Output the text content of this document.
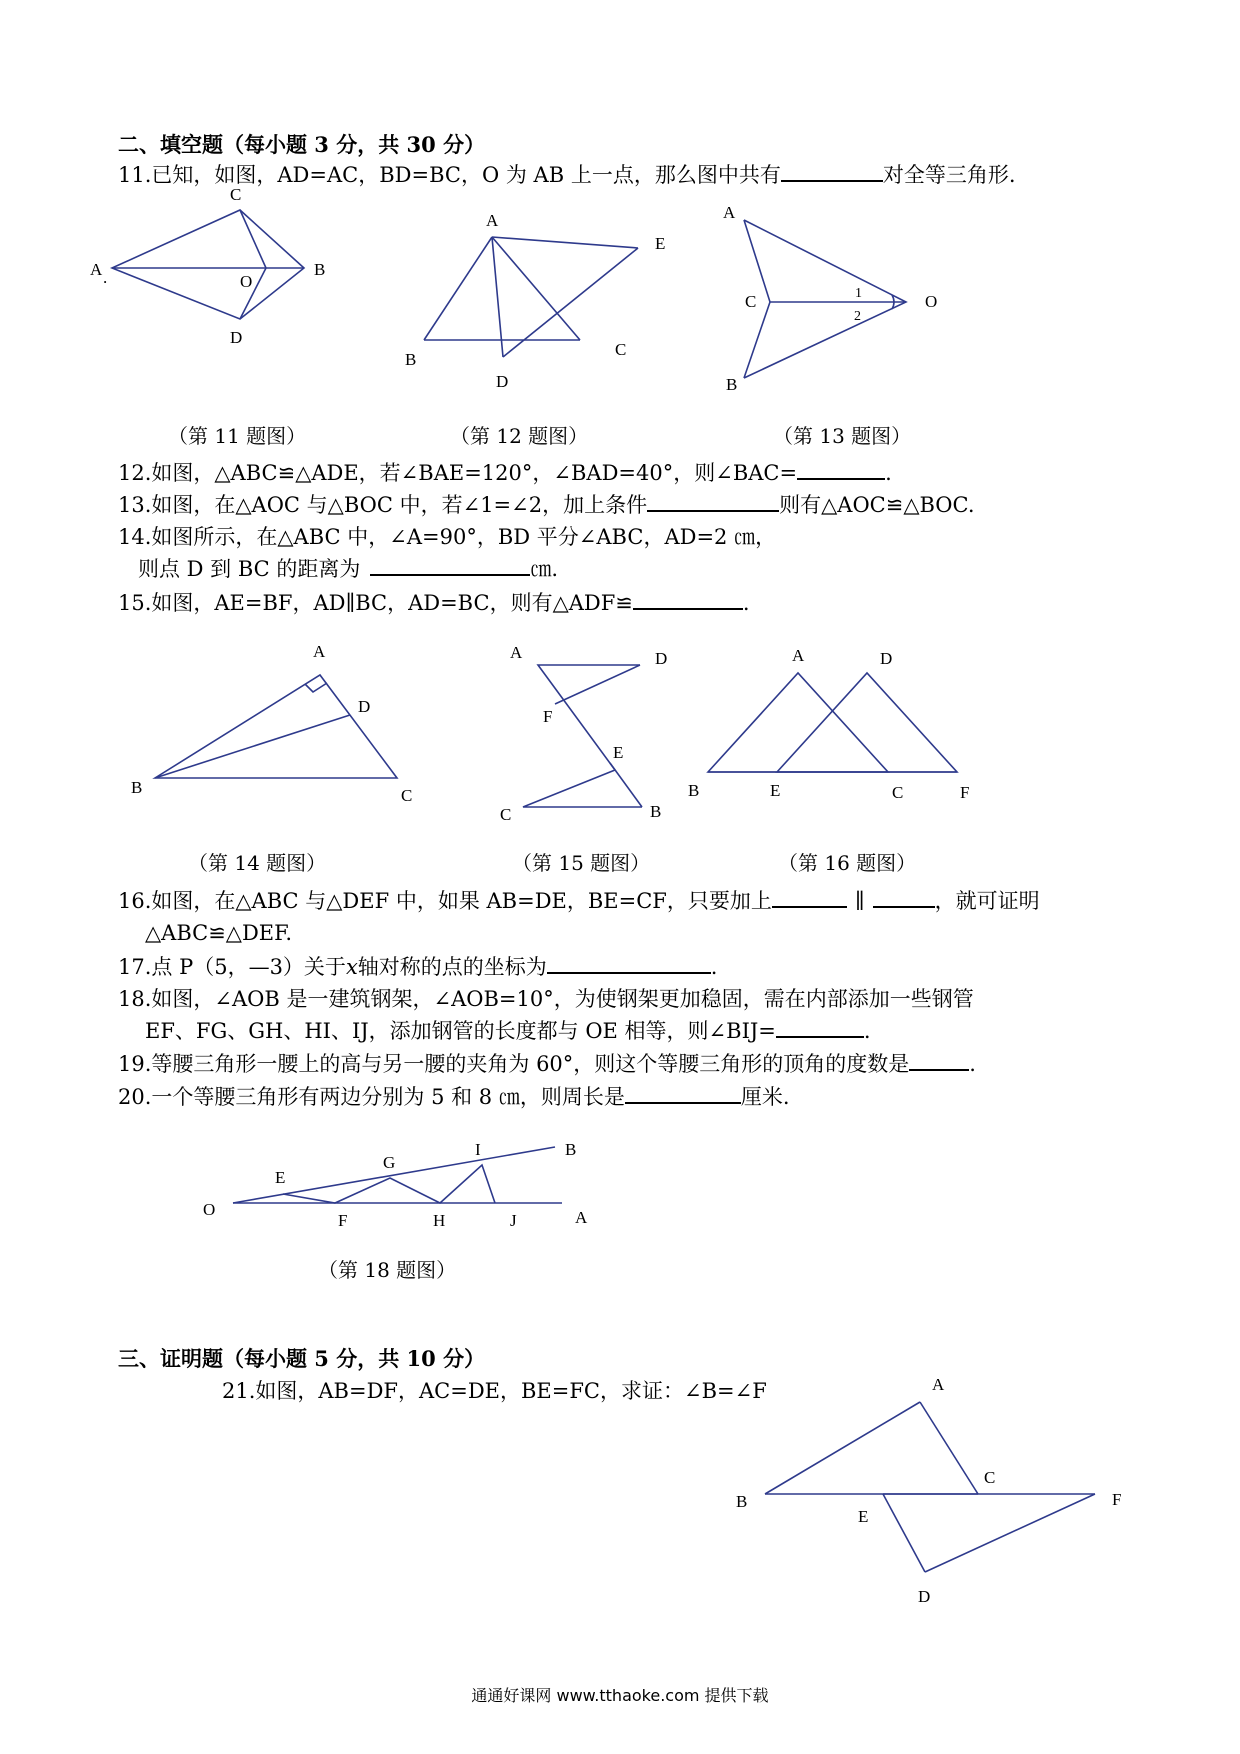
二、填空题（每小题 3 分，共 30 分）
11.已知，如图，AD=AC，BD=BC，O 为 AB 上一点，那么图中共有	对全等三角形.
C
A .	O
B
D
A
E
B
C
D
A
C	1
2
O
B
（第 11 题图）	（第 12 题图）	（第 13 题图）
12.如图，△ABC≌△ADE，若∠BAE=120°，∠BAD=40°，则∠BAC=	.
13.如图，在△AOC 与△BOC 中，若∠1=∠2，加上条件	则有△AOC≌△BOC.
14.如图所示，在△ABC 中，∠A=90°，BD 平分∠ABC，AD=2 ㎝，
则点 D 到 BC 的距离为	㎝.
15.如图，AE=BF，AD∥BC，AD=BC，则有△ADF≌	.
A
D
B	C
A	D
F
E
C	B
A	D
B	E	C	F
（第 14 题图）	（第 15 题图）	（第 16 题图）
16.如图，在△ABC 与△DEF 中，如果 AB=DE，BE=CF，只要加上	∥	，就可证明
△ABC≌△DEF.
17.点 P（5，—3）关于x轴对称的点的坐标为	.
18.如图，∠AOB 是一建筑钢架，∠AOB=10°，为使钢架更加稳固，需在内部添加一些钢管
EF、FG、GH、HI、IJ，添加钢管的长度都与 OE 相等，则∠BIJ=	.
19.等腰三角形一腰上的高与另一腰的夹角为 60°，则这个等腰三角形的顶角的度数是	.
20.一个等腰三角形有两边分别为 5 和 8 ㎝，则周长是	厘米.
O
E
G
I	B
F	H	J	A
（第 18 题图）
三、证明题（每小题 5 分，共 10 分）
21.如图，AB=DF，AC=DE，BE=FC，求证：∠B=∠F	A
B
C
E
F
D
通通好课网 www.tthaoke.com 提供下载
